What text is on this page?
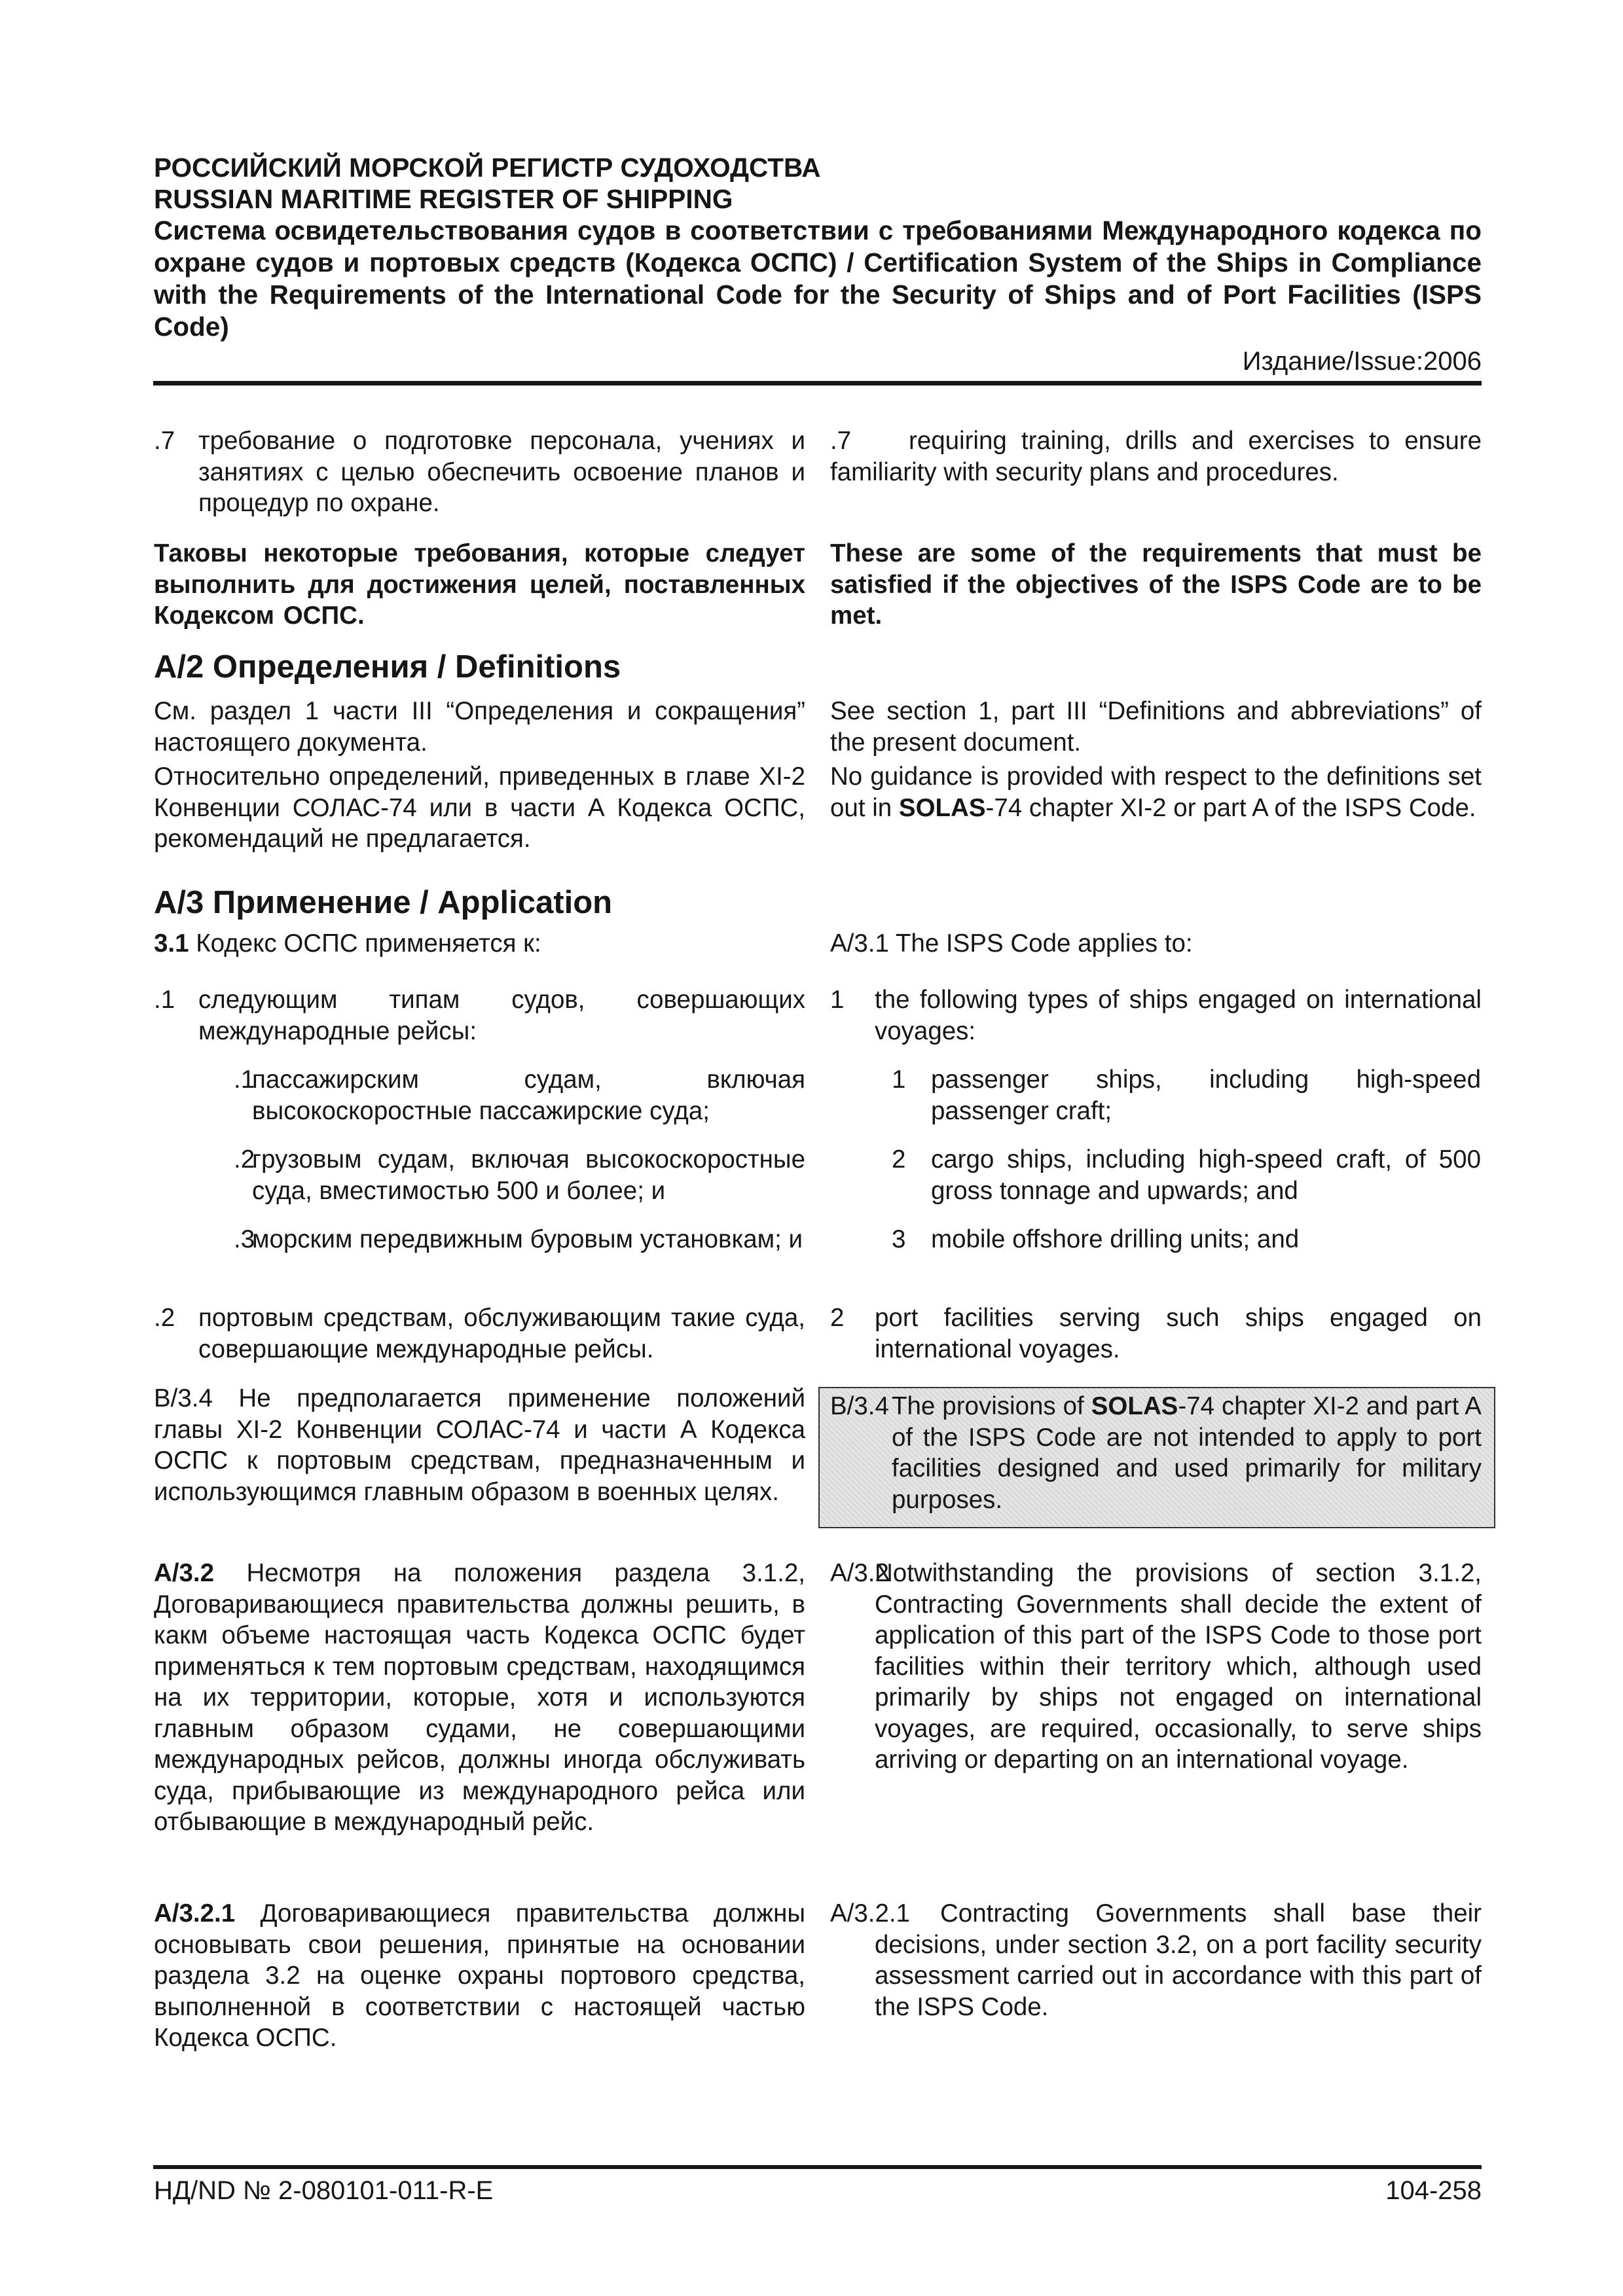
РОССИЙСКИЙ МОРСКОЙ РЕГИСТР СУДОХОДСТВА
RUSSIAN MARITIME REGISTER OF SHIPPING
Система освидетельствования судов в соответствии с требованиями Международного кодекса по охране судов и портовых средств (Кодекса ОСПС) / Certification System of the Ships in Compliance with the Requirements of the International Code for the Security of Ships and of Port Facilities (ISPS Code)
Издание/Issue:2006
.7 требование о подготовке персонала, учениях и занятиях с целью обеспечить освоение планов и процедур по охране.

Таковы некоторые требования, которые следует выполнить для достижения целей, поставленных Кодексом ОСПС.

A/2 Определения / Definitions

См. раздел 1 части III “Определения и сокращения” настоящего документа.

Относительно определений, приведенных в главе XI-2 Конвенции СОЛАС-74 или в части А Кодекса ОСПС, рекомендаций не предлагается.

A/3 Применение / Application

3.1 Кодекс ОСПС применяется к:

.1 следующим типам судов, совершающих международные рейсы:
.1
пассажирским судам, включая высокоскоростные пассажирские суда;
.2
грузовым судам, включая высокоскоростные суда, вместимостью 500 и более; и
.3
морским передвижным буровым установкам; и
.2 портовым средствам, обслуживающим такие суда, совершающие международные рейсы.

B/3.4 Не предполагается применение положений главы XI-2 Конвенции СОЛАС-74 и части А Кодекса ОСПС к портовым средствам, предназначенным и использующимся главным образом в военных целях.

A/3.2 Несмотря на положения раздела 3.1.2, Договаривающиеся правительства должны решить, в какм объеме настоящая часть Кодекса ОСПС будет применяться к тем портовым средствам, находящимся на их территории, которые, хотя и используются главным образом судами, не совершающими международных рейсов, должны иногда обслуживать суда, прибывающие из международного рейса или отбывающие в международный рейс.

A/3.2.1 Договаривающиеся правительства должны основывать свои решения, принятые на основании раздела 3.2 на оценке охраны портового средства, выполненной в соответствии с настоящей частью Кодекса ОСПС.

.7	requiring training, drills and exercises to ensure familiarity with security plans and procedures.

These are some of the requirements that must be satisfied if the objectives of the ISPS Code are to be met.

See section 1, part III “Definitions and abbreviations” of the present document.

No guidance is provided with respect to the definitions set out in SOLAS-74 chapter XI-2 or part A of the ISPS Code.

A/3.1 The ISPS Code applies to:

1 the following types of ships engaged on international voyages:
1 passenger ships, including high-speed passenger craft;
2 cargo ships, including high-speed craft, of 500 gross tonnage and upwards; and
3 mobile offshore drilling units; and
2 port facilities serving such ships engaged on international voyages.
B/3.4 The provisions of SOLAS-74 chapter XI-2 and part A of the ISPS Code are not intended to apply to port facilities designed and used primarily for military purposes.
A/3.2
Notwithstanding the provisions of section 3.1.2, Contracting Governments shall decide the extent of application of this part of the ISPS Code to those port facilities within their territory which, although used primarily by ships not engaged on international voyages, are required, occasionally, to serve ships arriving or departing on an international voyage.
A/3.2.1	Contracting Governments shall base their decisions, under section 3.2, on a port facility security assessment carried out in accordance with this part of the ISPS Code.
НД/ND № 2-080101-011-R-E	104-258
